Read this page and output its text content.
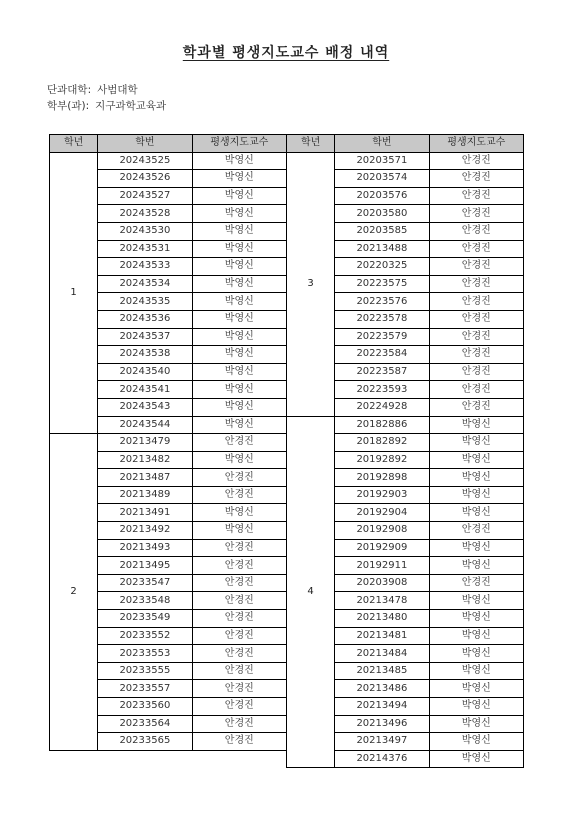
학과별 평생지도교수 배정 내역
단과대학: 사범대학
학부(과): 지구과학교육과
학년	학번	평생지도교수
1	20243525	박영신
	20243526	박영신
	20243527	박영신
	20243528	박영신
	20243530	박영신
	20243531	박영신
	20243533	박영신
	20243534	박영신
	20243535	박영신
	20243536	박영신
	20243537	박영신
	20243538	박영신
	20243540	박영신
	20243541	박영신
	20243543	박영신
	20243544	박영신
2	20213479	안경진
	20213482	박영신
	20213487	안경진
	20213489	안경진
	20213491	박영신
	20213492	박영신
	20213493	안경진
	20213495	안경진
	20233547	안경진
	20233548	안경진
	20233549	안경진
	20233552	안경진
	20233553	안경진
	20233555	안경진
	20233557	안경진
	20233560	안경진
	20233564	안경진
	20233565	안경진
학년	학번	평생지도교수
3	20203571	안경진
	20203574	안경진
	20203576	안경진
	20203580	안경진
	20203585	안경진
	20213488	안경진
	20220325	안경진
	20223575	안경진
	20223576	안경진
	20223578	안경진
	20223579	안경진
	20223584	안경진
	20223587	안경진
	20223593	안경진
	20224928	안경진
4	20182886	박영신
	20182892	박영신
	20192892	박영신
	20192898	박영신
	20192903	박영신
	20192904	박영신
	20192908	안경진
	20192909	박영신
	20192911	박영신
	20203908	안경진
	20213478	박영신
	20213480	박영신
	20213481	박영신
	20213484	박영신
	20213485	박영신
	20213486	박영신
	20213494	박영신
	20213496	박영신
	20213497	박영신
	20214376	박영신
